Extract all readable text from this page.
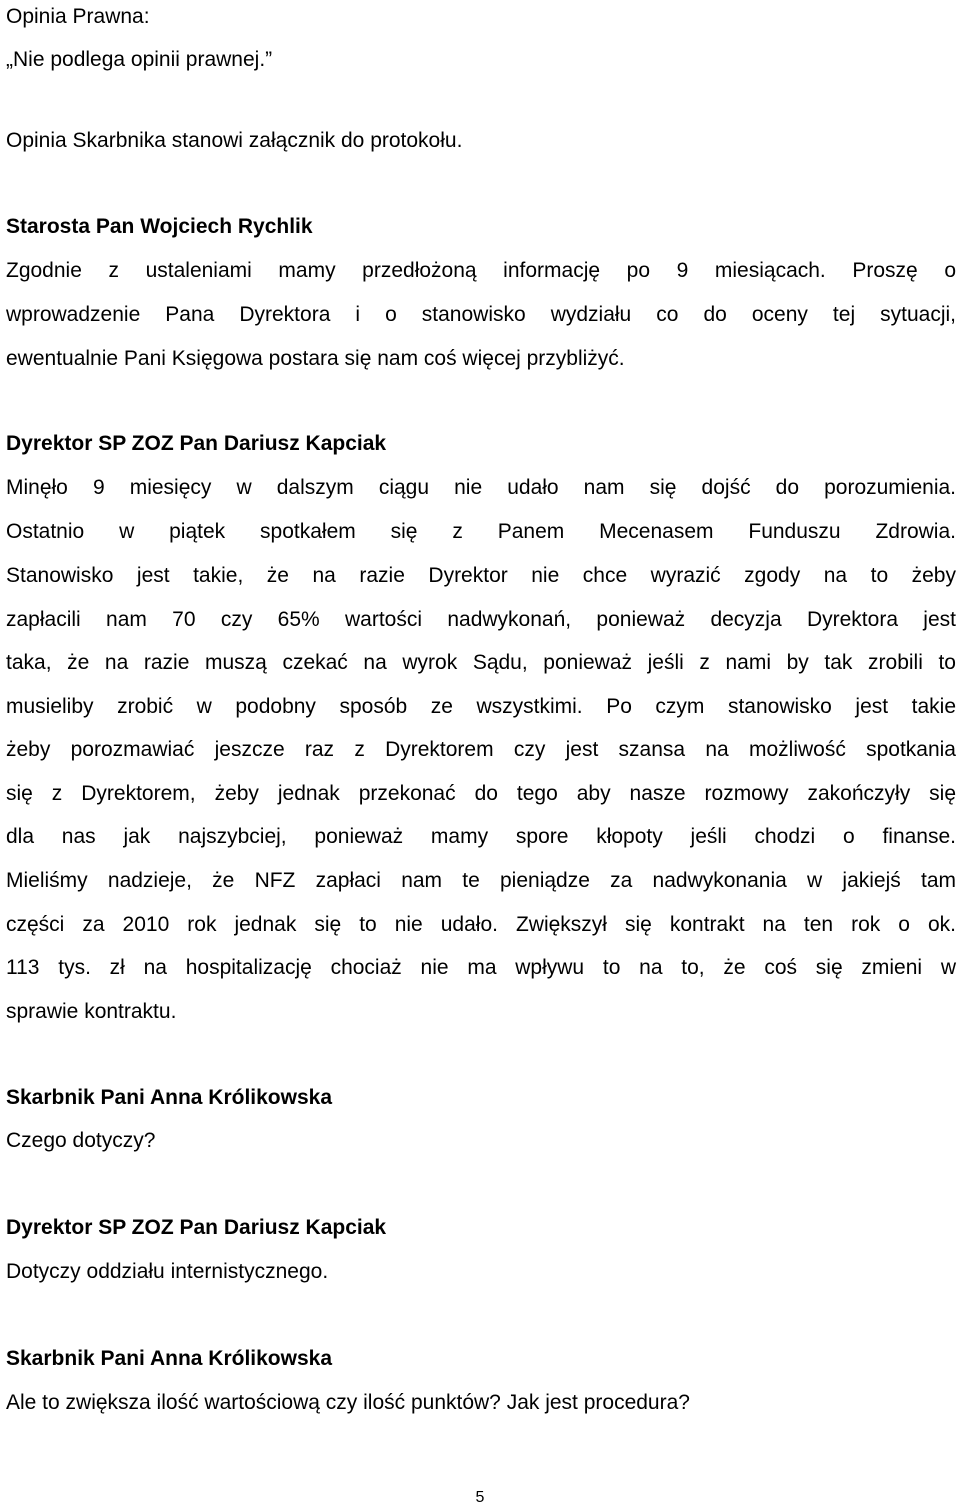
Opinia Prawna:
„Nie podlega opinii prawnej.”
Opinia Skarbnika stanowi załącznik do protokołu.
Starosta Pan Wojciech Rychlik
Zgodnie z ustaleniami mamy przedłożoną informację po 9 miesiącach. Proszę o
wprowadzenie Pana Dyrektora i o stanowisko wydziału co do oceny tej sytuacji,
ewentualnie Pani Księgowa postara się nam coś więcej przybliżyć.
Dyrektor SP ZOZ Pan Dariusz Kapciak
Minęło 9 miesięcy w dalszym ciągu nie udało nam się dojść do porozumienia.
Ostatnio w piątek spotkałem się z Panem Mecenasem Funduszu Zdrowia.
Stanowisko jest takie, że na razie Dyrektor nie chce wyrazić zgody na to żeby
zapłacili nam 70 czy 65% wartości nadwykonań, ponieważ decyzja Dyrektora jest
taka, że na razie muszą czekać na wyrok Sądu, ponieważ jeśli z nami by tak zrobili to
musieliby zrobić w podobny sposób ze wszystkimi. Po czym stanowisko jest takie
żeby porozmawiać jeszcze raz z Dyrektorem czy jest szansa na możliwość spotkania
się z Dyrektorem, żeby jednak przekonać do tego aby nasze rozmowy zakończyły się
dla nas jak najszybciej, ponieważ mamy spore kłopoty jeśli chodzi o finanse.
Mieliśmy nadzieje, że NFZ zapłaci nam te pieniądze za nadwykonania w jakiejś tam
części za 2010 rok jednak się to nie udało. Zwiększył się kontrakt na ten rok o ok.
113 tys. zł na hospitalizację chociaż nie ma wpływu to na to, że coś się zmieni w
sprawie kontraktu.
Skarbnik Pani Anna Królikowska
Czego dotyczy?
Dyrektor SP ZOZ Pan Dariusz Kapciak
Dotyczy oddziału internistycznego.
Skarbnik Pani Anna Królikowska
Ale to zwiększa ilość wartościową czy ilość punktów? Jak jest procedura?
5
